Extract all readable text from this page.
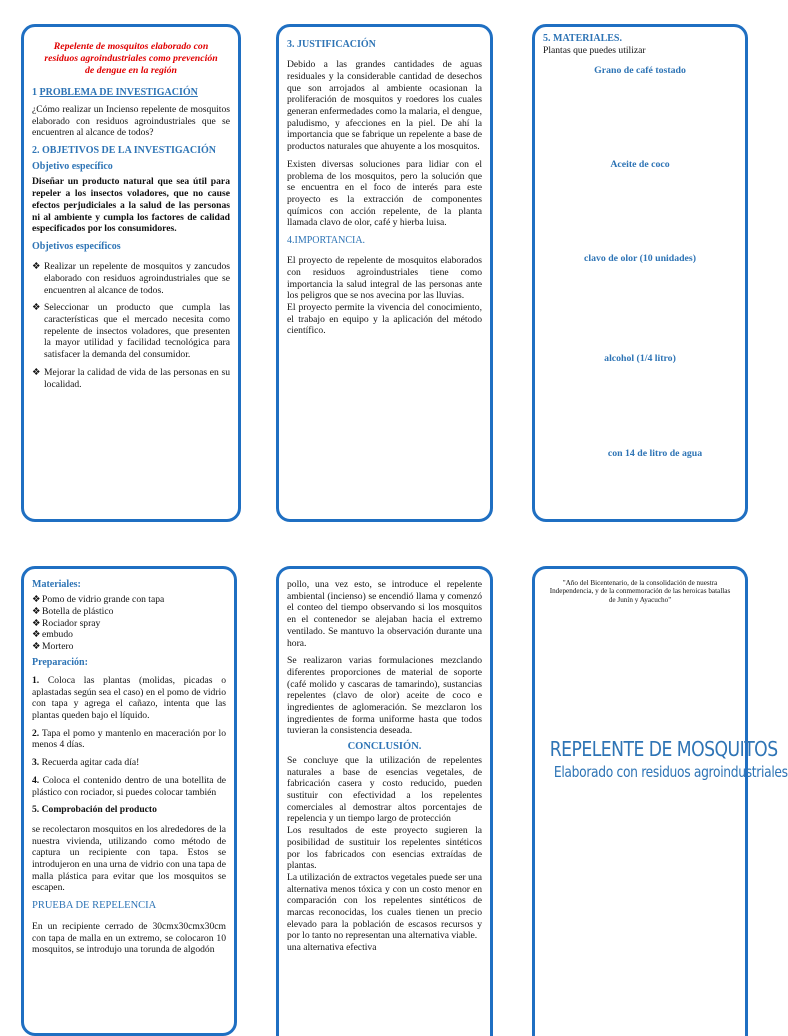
Repelente de mosquitos elaborado con residuos agroindustriales como prevención de dengue en la región
1 PROBLEMA DE INVESTIGACIÓN

¿Cómo realizar un Incienso repelente de mosquitos elaborado con residuos agroindustriales que se encuentren al alcance de todos?

2. OBJETIVOS DE LA INVESTIGACIÓN
Objetivo específico

Diseñar un producto natural que sea útil para repeler a los insectos voladores, que no cause efectos perjudiciales a la salud de las personas ni al ambiente y cumpla los factores de calidad especificados por los consumidores.

Objetivos específicos
❖ Realizar un repelente de mosquitos y zancudos elaborado con residuos agroindustriales que se encuentren al alcance de todos.
❖ Seleccionar un producto que cumpla las características que el mercado necesita como repelente de insectos voladores, que presenten la mayor utilidad y facilidad tecnológica para satisfacer la demanda del consumidor.
❖ Mejorar la calidad de vida de las personas en su localidad.
3. JUSTIFICACIÓN

Debido a las grandes cantidades de aguas residuales y la considerable cantidad de desechos que son arrojados al ambiente ocasionan la proliferación de mosquitos y roedores los cuales generan enfermedades como la malaria, el dengue, paludismo, y afecciones en la piel. De ahí la importancia que se fabrique un repelente a base de productos naturales que ahuyente a los mosquitos.

Existen diversas soluciones para lidiar con el problema de los mosquitos, pero la solución que se encuentra en el foco de interés para este proyecto es la extracción de componentes químicos con acción repelente, de la planta llamada clavo de olor, café y hierba luisa.

4.IMPORTANCIA.
El proyecto de repelente de mosquitos elaborados con residuos agroindustriales tiene como importancia la salud integral de las personas ante los peligros que se nos avecina por las lluvias.
El proyecto permite la vivencia del conocimiento, el trabajo en equipo y la aplicación del método científico.
5. MATERIALES.
Plantas que puedes utilizar
Grano de café tostado
Aceite de coco
clavo de olor (10 unidades)
alcohol (1/4 litro)
con 14 de litro de agua
Materiales:
❖ Pomo de vidrio grande con tapa
❖ Botella de plástico
❖ Rociador spray
❖ embudo
❖ Mortero
Preparación:

1. Coloca las plantas (molidas, picadas o aplastadas según sea el caso) en el pomo de vidrio con tapa y agrega el cañazo, intenta que las plantas queden bajo el líquido.

2. Tapa el pomo y mantenlo en maceración por lo menos 4 días.

3. Recuerda agitar cada día!

4. Coloca el contenido dentro de una botellita de plástico con rociador, si puedes colocar también

5. Comprobación del producto

se recolectaron mosquitos en los alrededores de la nuestra vivienda, utilizando como método de captura un recipiente con tapa. Estos se introdujeron en una urna de vidrio con una tapa de malla plástica para evitar que los mosquitos se escapen.

PRUEBA DE REPELENCIA
En un recipiente cerrado de 30cmx30cmx30cm con tapa de malla en un extremo, se colocaron 10 mosquitos, se introdujo una torunda de algodón

pollo, una vez esto, se introduce el repelente ambiental (incienso) se encendió llama y comenzó el conteo del tiempo observando si los mosquitos en el contenedor se alejaban hacia el extremo ventilado. Se mantuvo la observación durante una hora.

Se realizaron varias formulaciones mezclando diferentes proporciones de material de soporte (café molido y cascaras de tamarindo), sustancias repelentes (clavo de olor) aceite de coco e ingredientes de aglomeración. Se mezclaron los ingredientes de forma uniforme hasta que todos tuvieran la consistencia deseada.
CONCLUSIÓN.
Se concluye que la utilización de repelentes naturales a base de esencias vegetales, de fabricación casera y costo reducido, pueden sustituir con efectividad a los repelentes comerciales al demostrar altos porcentajes de repelencia y un tiempo largo de protección
Los resultados de este proyecto sugieren la posibilidad de sustituir los repelentes sintéticos por los fabricados con esencias extraídas de plantas.
La utilización de extractos vegetales puede ser una alternativa menos tóxica y con un costo menor en comparación con los repelentes sintéticos de marcas reconocidas, los cuales tienen un precio elevado para la población de escasos recursos y por lo tanto no representan una alternativa viable.
una alternativa efectiva
"Año del Bicentenario, de la consolidación de nuestra Independencia, y de la conmemoración de las heroicas batallas de Junín y Ayacucho"
REPELENTE DE MOSQUITOS
Elaborado con residuos agroindustriales
